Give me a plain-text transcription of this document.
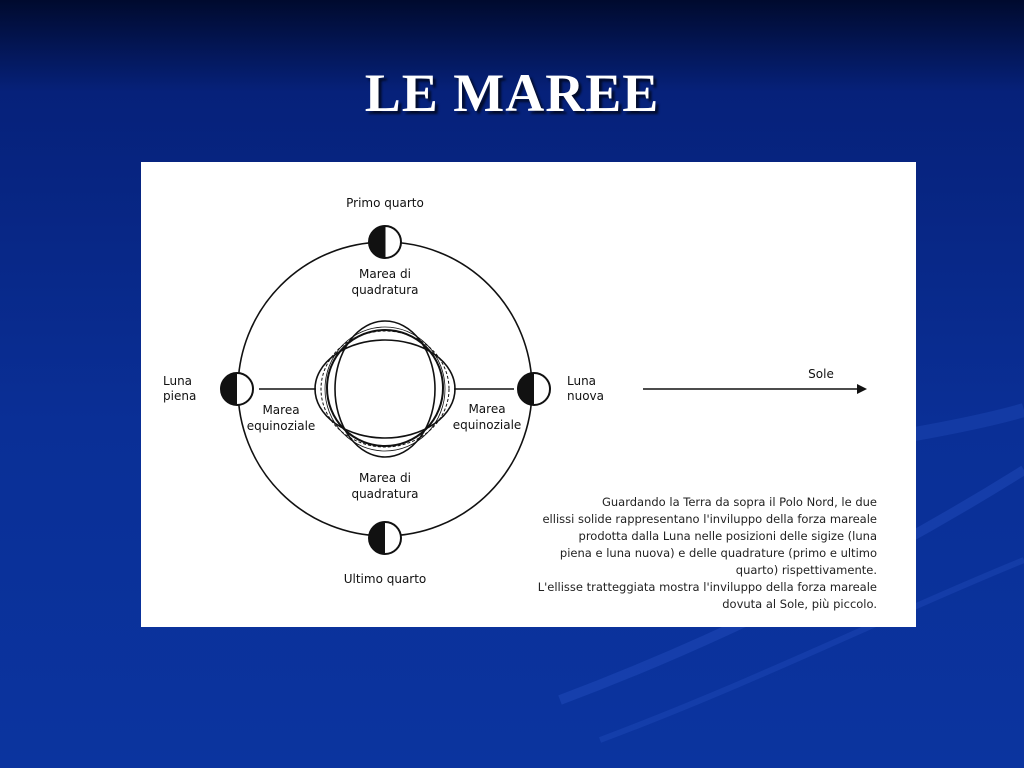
LE MAREE
Primo quarto
Ultimo quarto
Marea di
quadratura
Marea di
quadratura
Luna
piena
Luna
nuova
Marea
equinoziale
Marea
equinoziale
Sole
Guardando la Terra da sopra il Polo Nord, le due
ellissi solide rappresentano l'inviluppo della forza mareale
prodotta dalla Luna nelle posizioni delle sigize (luna
piena e luna nuova) e delle quadrature (primo e ultimo
quarto) rispettivamente.
L'ellisse tratteggiata mostra l'inviluppo della forza mareale
dovuta al Sole, più piccolo.
